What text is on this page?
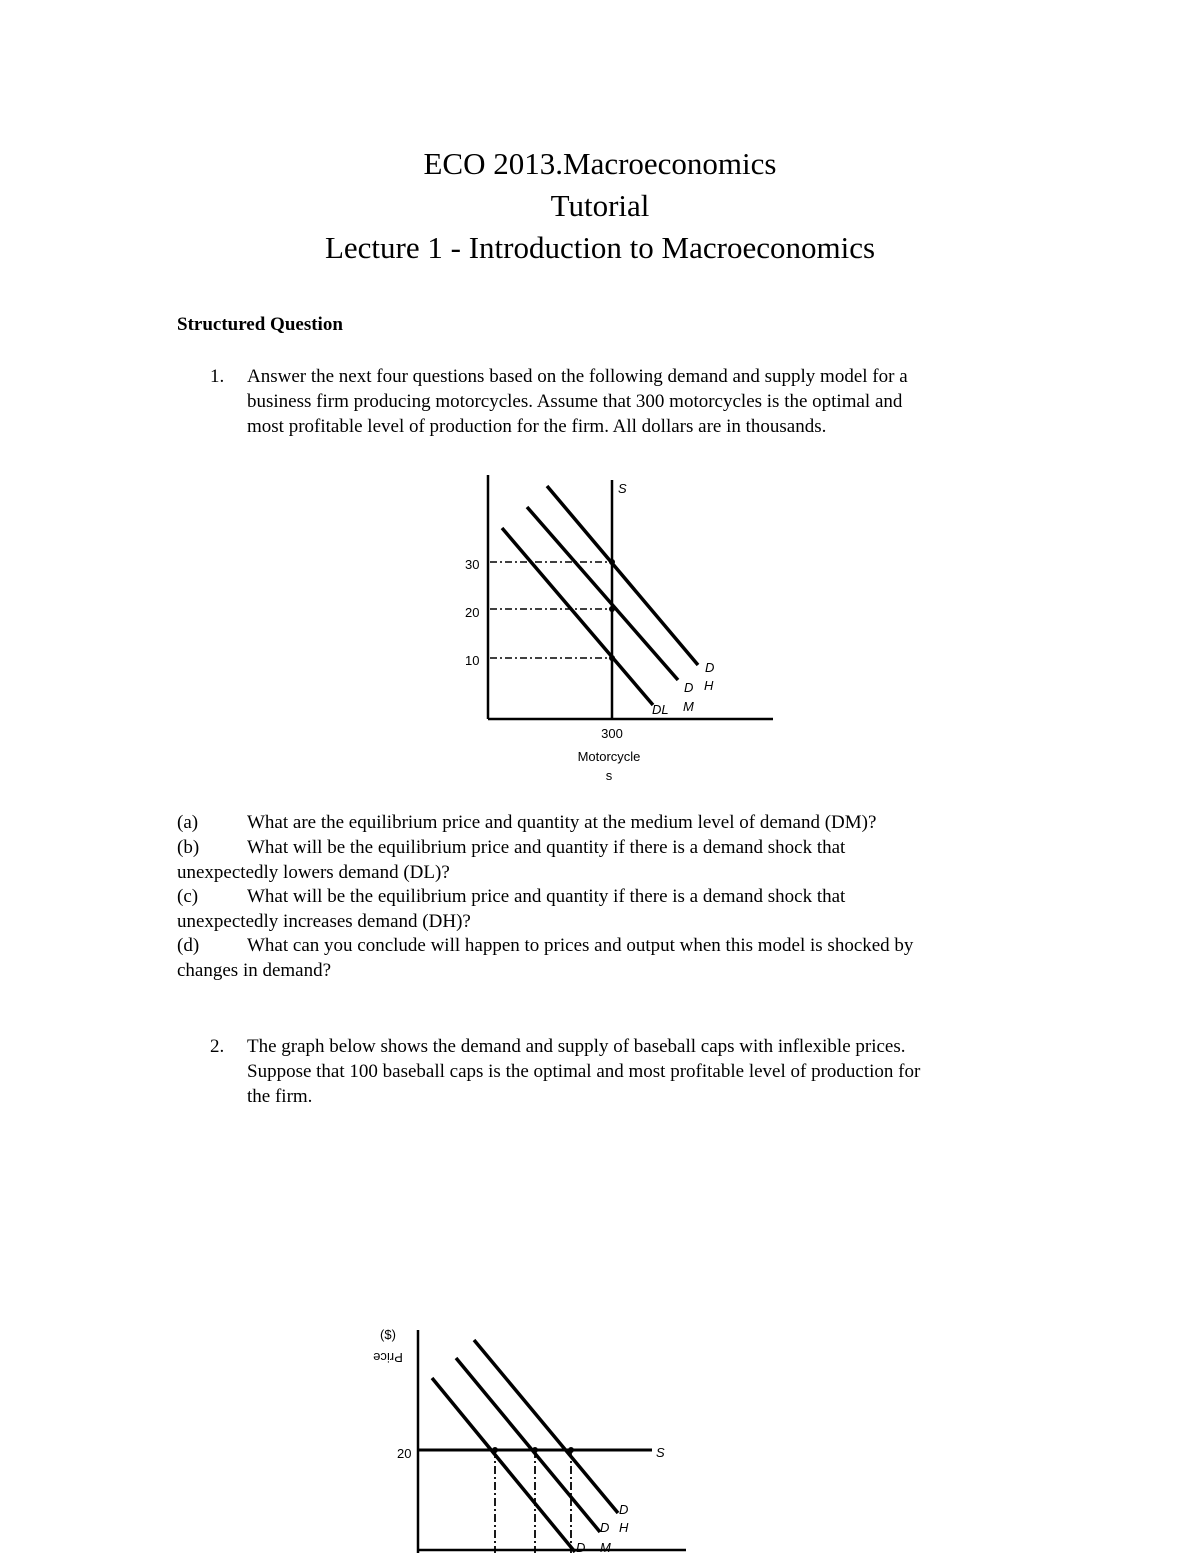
ECO 2013.Macroeconomics
Tutorial
Lecture 1 - Introduction to Macroeconomics
Structured Question
1. Answer the next four questions based on the following demand and supply model for a
business firm producing motorcycles. Assume that 300 motorcycles is the optimal and
most profitable level of production for the firm. All dollars are in thousands.
S
30
20
10
300
Motorcycle
s
DL
D
M
D
H
(a)	What are the equilibrium price and quantity at the medium level of demand (DM)?
(b)	What will be the equilibrium price and quantity if there is a demand shock that
unexpectedly lowers demand (DL)?
(c)	What will be the equilibrium price and quantity if there is a demand shock that
unexpectedly increases demand (DH)?
(d)	What can you conclude will happen to prices and output when this model is shocked by
changes in demand?
2. The graph below shows the demand and supply of baseball caps with inflexible prices.
Suppose that 100 baseball caps is the optimal and most profitable level of production for
the firm.
($)
Price
S
20
D
D
M
D
H
